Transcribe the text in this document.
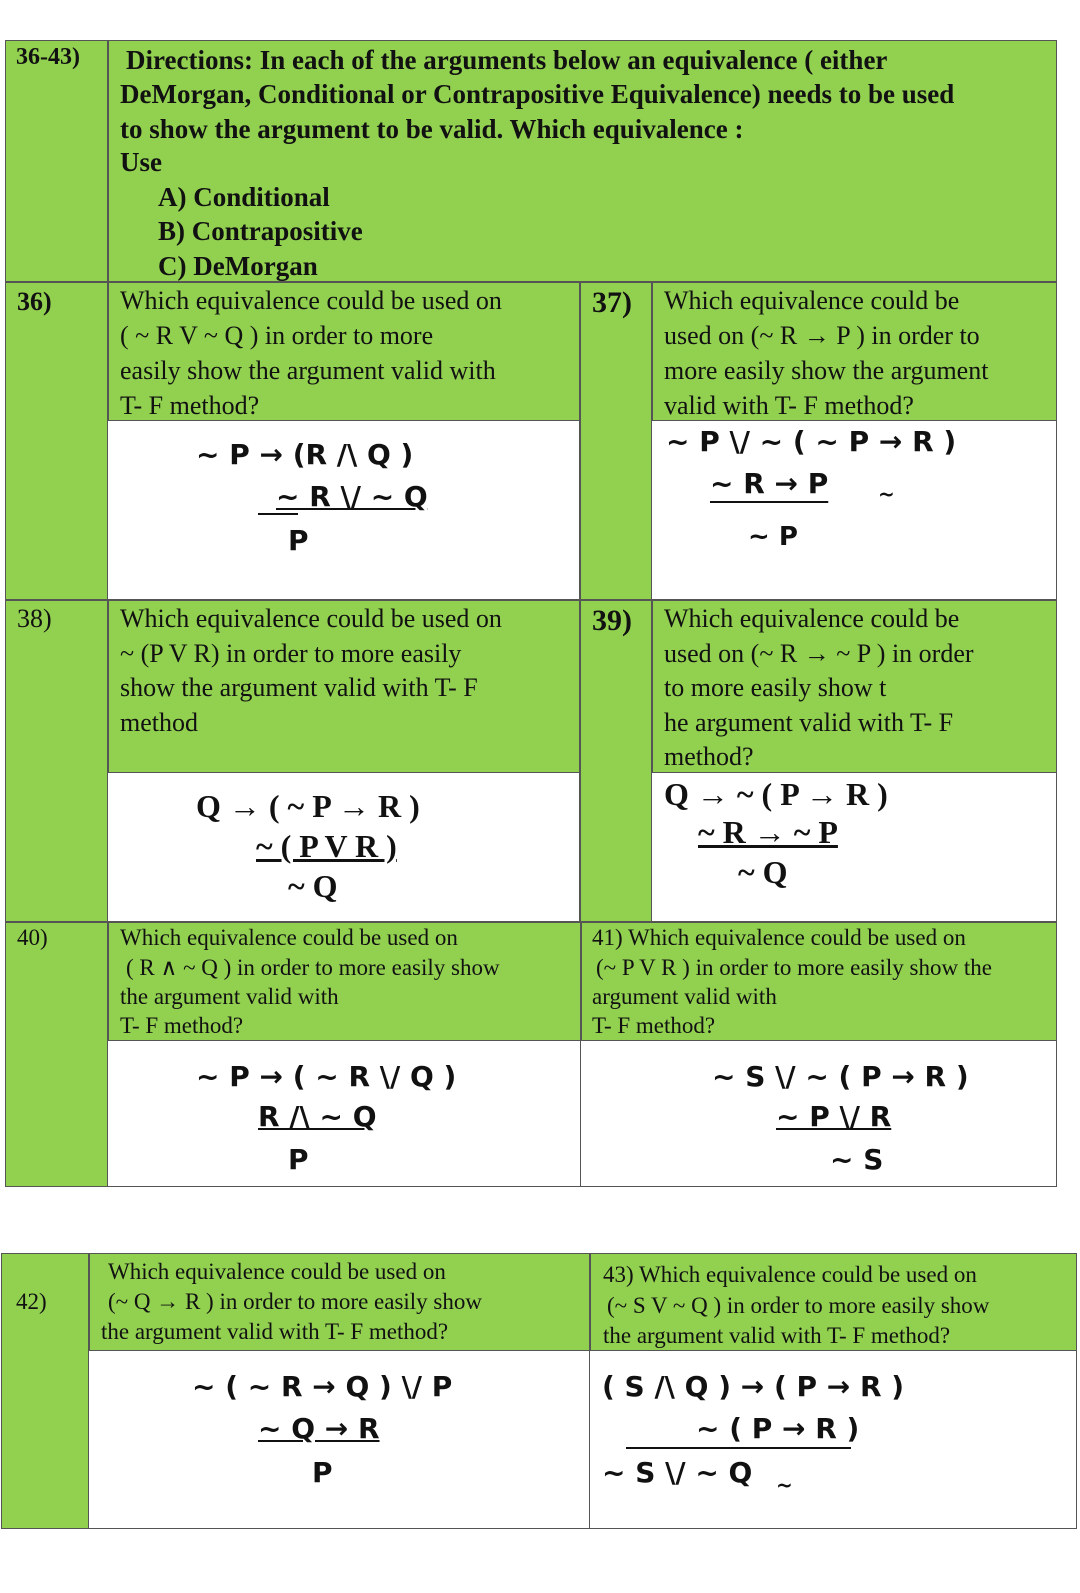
36-43) Directions: In each of the arguments below an equivalence ( either
DeMorgan, Conditional or Contrapositive Equivalence) needs to be used
to show the argument to be valid. Which equivalence :
Use
A) Conditional
B) Contrapositive
C) DeMorgan
36)	Which equivalence could be used on
( ~ R V ~ Q ) in order to more
easily show the argument valid with
T- F method?
~ P → (R /\ Q )
~ R \/ ~ Q
P
37) Which equivalence could be
used on (~ R → P ) in order to
more easily show the argument
valid with T- F method?
~ P \/ ~ ( ~ P → R )
~ R → P ~
~ P
38)	Which equivalence could be used on
~ (P V R) in order to more easily
show the argument valid with T- F
method
Q → ( ~ P → R )
~ ( P V R )
~ Q
39) Which equivalence could be
used on (~ R → ~ P ) in order
to more easily show t
he argument valid with T- F
method?
Q → ~ ( P → R )
~ R → ~ P
~ Q
40)	Which equivalence could be used on
( R ∧ ~ Q ) in order to more easily show
the argument valid with
T- F method?
~ P → ( ~ R \/ Q )
R /\ ~ Q
P
41) Which equivalence could be used on
(~ P V R ) in order to more easily show the
argument valid with
T- F method?
~ S \/ ~ ( P → R )
~ P \/ R
~ S
42)
Which equivalence could be used on
(~ Q → R ) in order to more easily show
the argument valid with T- F method?
~ ( ~ R → Q ) \/ P
~ Q → R
P
43) Which equivalence could be used on
(~ S V ~ Q ) in order to more easily show
the argument valid with T- F method?
( S /\ Q ) → ( P → R )
~ ( P → R )
~ S \/ ~ Q ~
